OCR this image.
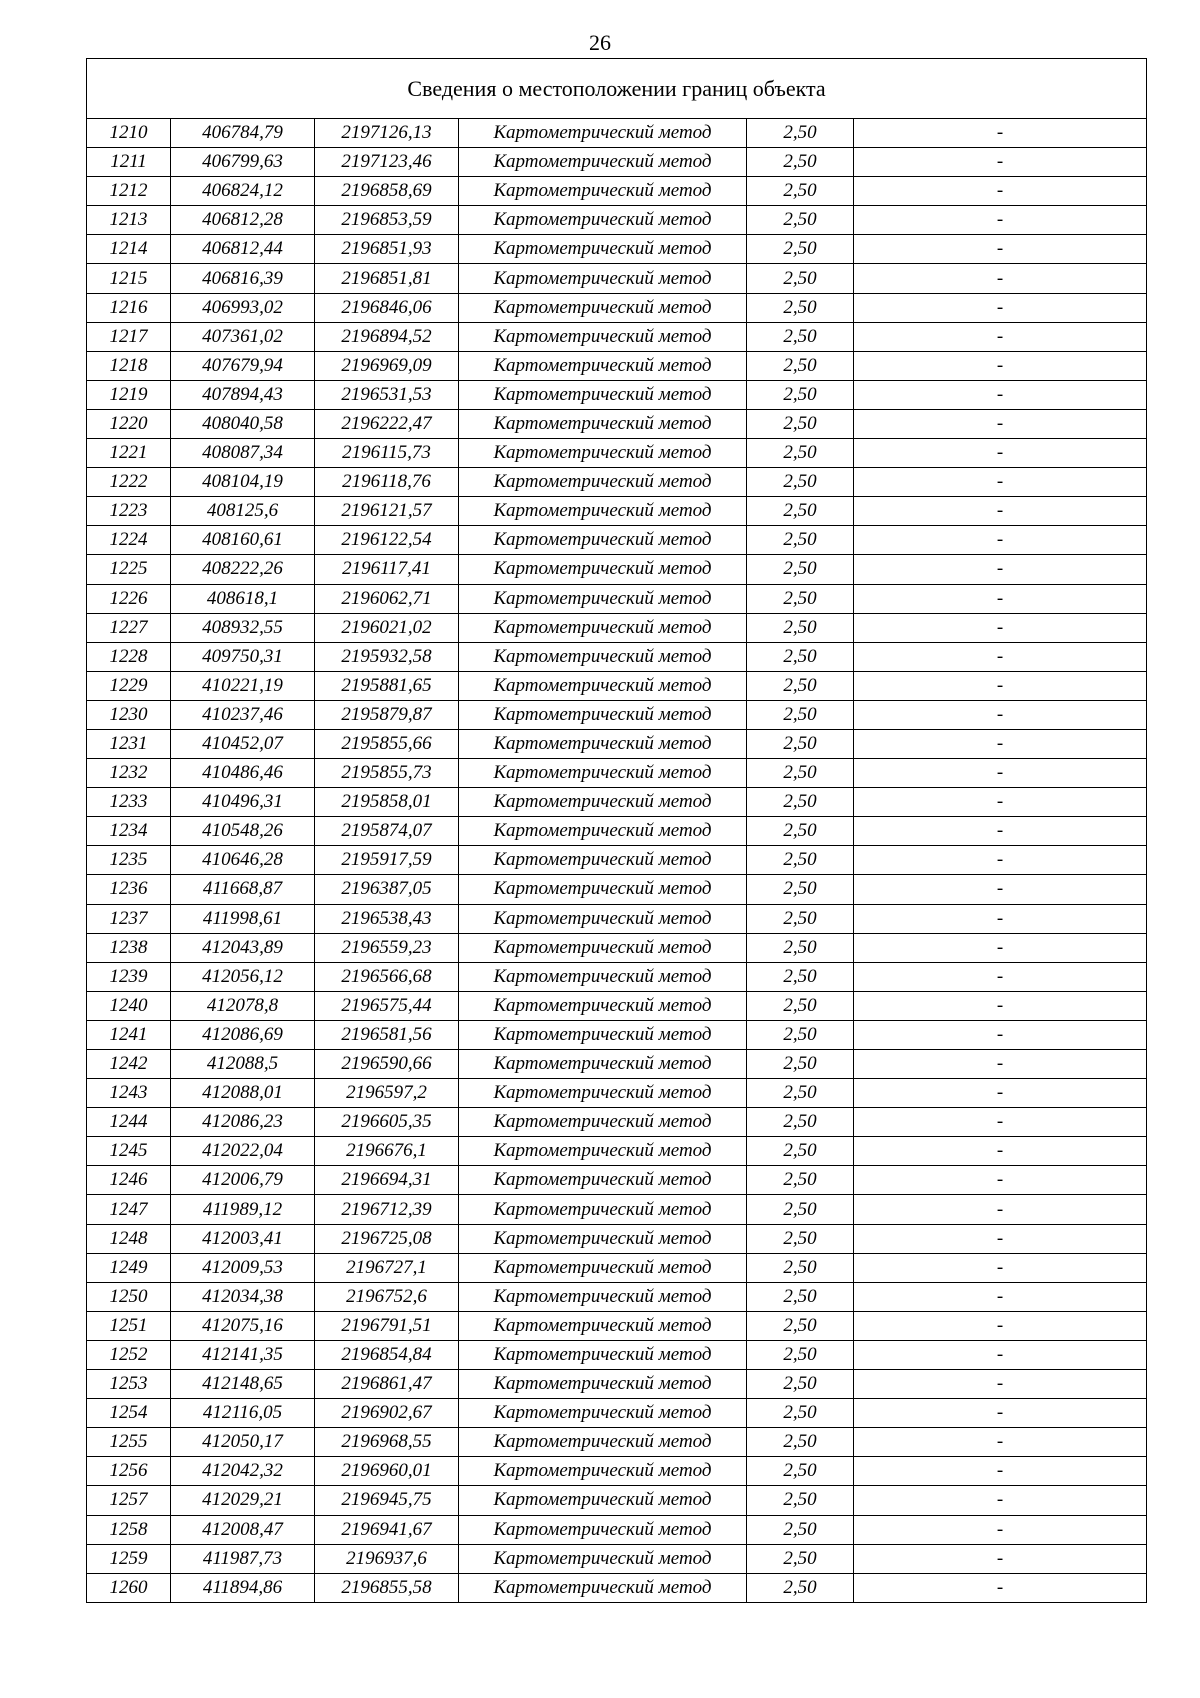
26
Сведения о местоположении границ объекта					
1210	406784,79	2197126,13	Картометрический метод	2,50	-
1211	406799,63	2197123,46	Картометрический метод	2,50	-
1212	406824,12	2196858,69	Картометрический метод	2,50	-
1213	406812,28	2196853,59	Картометрический метод	2,50	-
1214	406812,44	2196851,93	Картометрический метод	2,50	-
1215	406816,39	2196851,81	Картометрический метод	2,50	-
1216	406993,02	2196846,06	Картометрический метод	2,50	-
1217	407361,02	2196894,52	Картометрический метод	2,50	-
1218	407679,94	2196969,09	Картометрический метод	2,50	-
1219	407894,43	2196531,53	Картометрический метод	2,50	-
1220	408040,58	2196222,47	Картометрический метод	2,50	-
1221	408087,34	2196115,73	Картометрический метод	2,50	-
1222	408104,19	2196118,76	Картометрический метод	2,50	-
1223	408125,6	2196121,57	Картометрический метод	2,50	-
1224	408160,61	2196122,54	Картометрический метод	2,50	-
1225	408222,26	2196117,41	Картометрический метод	2,50	-
1226	408618,1	2196062,71	Картометрический метод	2,50	-
1227	408932,55	2196021,02	Картометрический метод	2,50	-
1228	409750,31	2195932,58	Картометрический метод	2,50	-
1229	410221,19	2195881,65	Картометрический метод	2,50	-
1230	410237,46	2195879,87	Картометрический метод	2,50	-
1231	410452,07	2195855,66	Картометрический метод	2,50	-
1232	410486,46	2195855,73	Картометрический метод	2,50	-
1233	410496,31	2195858,01	Картометрический метод	2,50	-
1234	410548,26	2195874,07	Картометрический метод	2,50	-
1235	410646,28	2195917,59	Картометрический метод	2,50	-
1236	411668,87	2196387,05	Картометрический метод	2,50	-
1237	411998,61	2196538,43	Картометрический метод	2,50	-
1238	412043,89	2196559,23	Картометрический метод	2,50	-
1239	412056,12	2196566,68	Картометрический метод	2,50	-
1240	412078,8	2196575,44	Картометрический метод	2,50	-
1241	412086,69	2196581,56	Картометрический метод	2,50	-
1242	412088,5	2196590,66	Картометрический метод	2,50	-
1243	412088,01	2196597,2	Картометрический метод	2,50	-
1244	412086,23	2196605,35	Картометрический метод	2,50	-
1245	412022,04	2196676,1	Картометрический метод	2,50	-
1246	412006,79	2196694,31	Картометрический метод	2,50	-
1247	411989,12	2196712,39	Картометрический метод	2,50	-
1248	412003,41	2196725,08	Картометрический метод	2,50	-
1249	412009,53	2196727,1	Картометрический метод	2,50	-
1250	412034,38	2196752,6	Картометрический метод	2,50	-
1251	412075,16	2196791,51	Картометрический метод	2,50	-
1252	412141,35	2196854,84	Картометрический метод	2,50	-
1253	412148,65	2196861,47	Картометрический метод	2,50	-
1254	412116,05	2196902,67	Картометрический метод	2,50	-
1255	412050,17	2196968,55	Картометрический метод	2,50	-
1256	412042,32	2196960,01	Картометрический метод	2,50	-
1257	412029,21	2196945,75	Картометрический метод	2,50	-
1258	412008,47	2196941,67	Картометрический метод	2,50	-
1259	411987,73	2196937,6	Картометрический метод	2,50	-
1260	411894,86	2196855,58	Картометрический метод	2,50	-
